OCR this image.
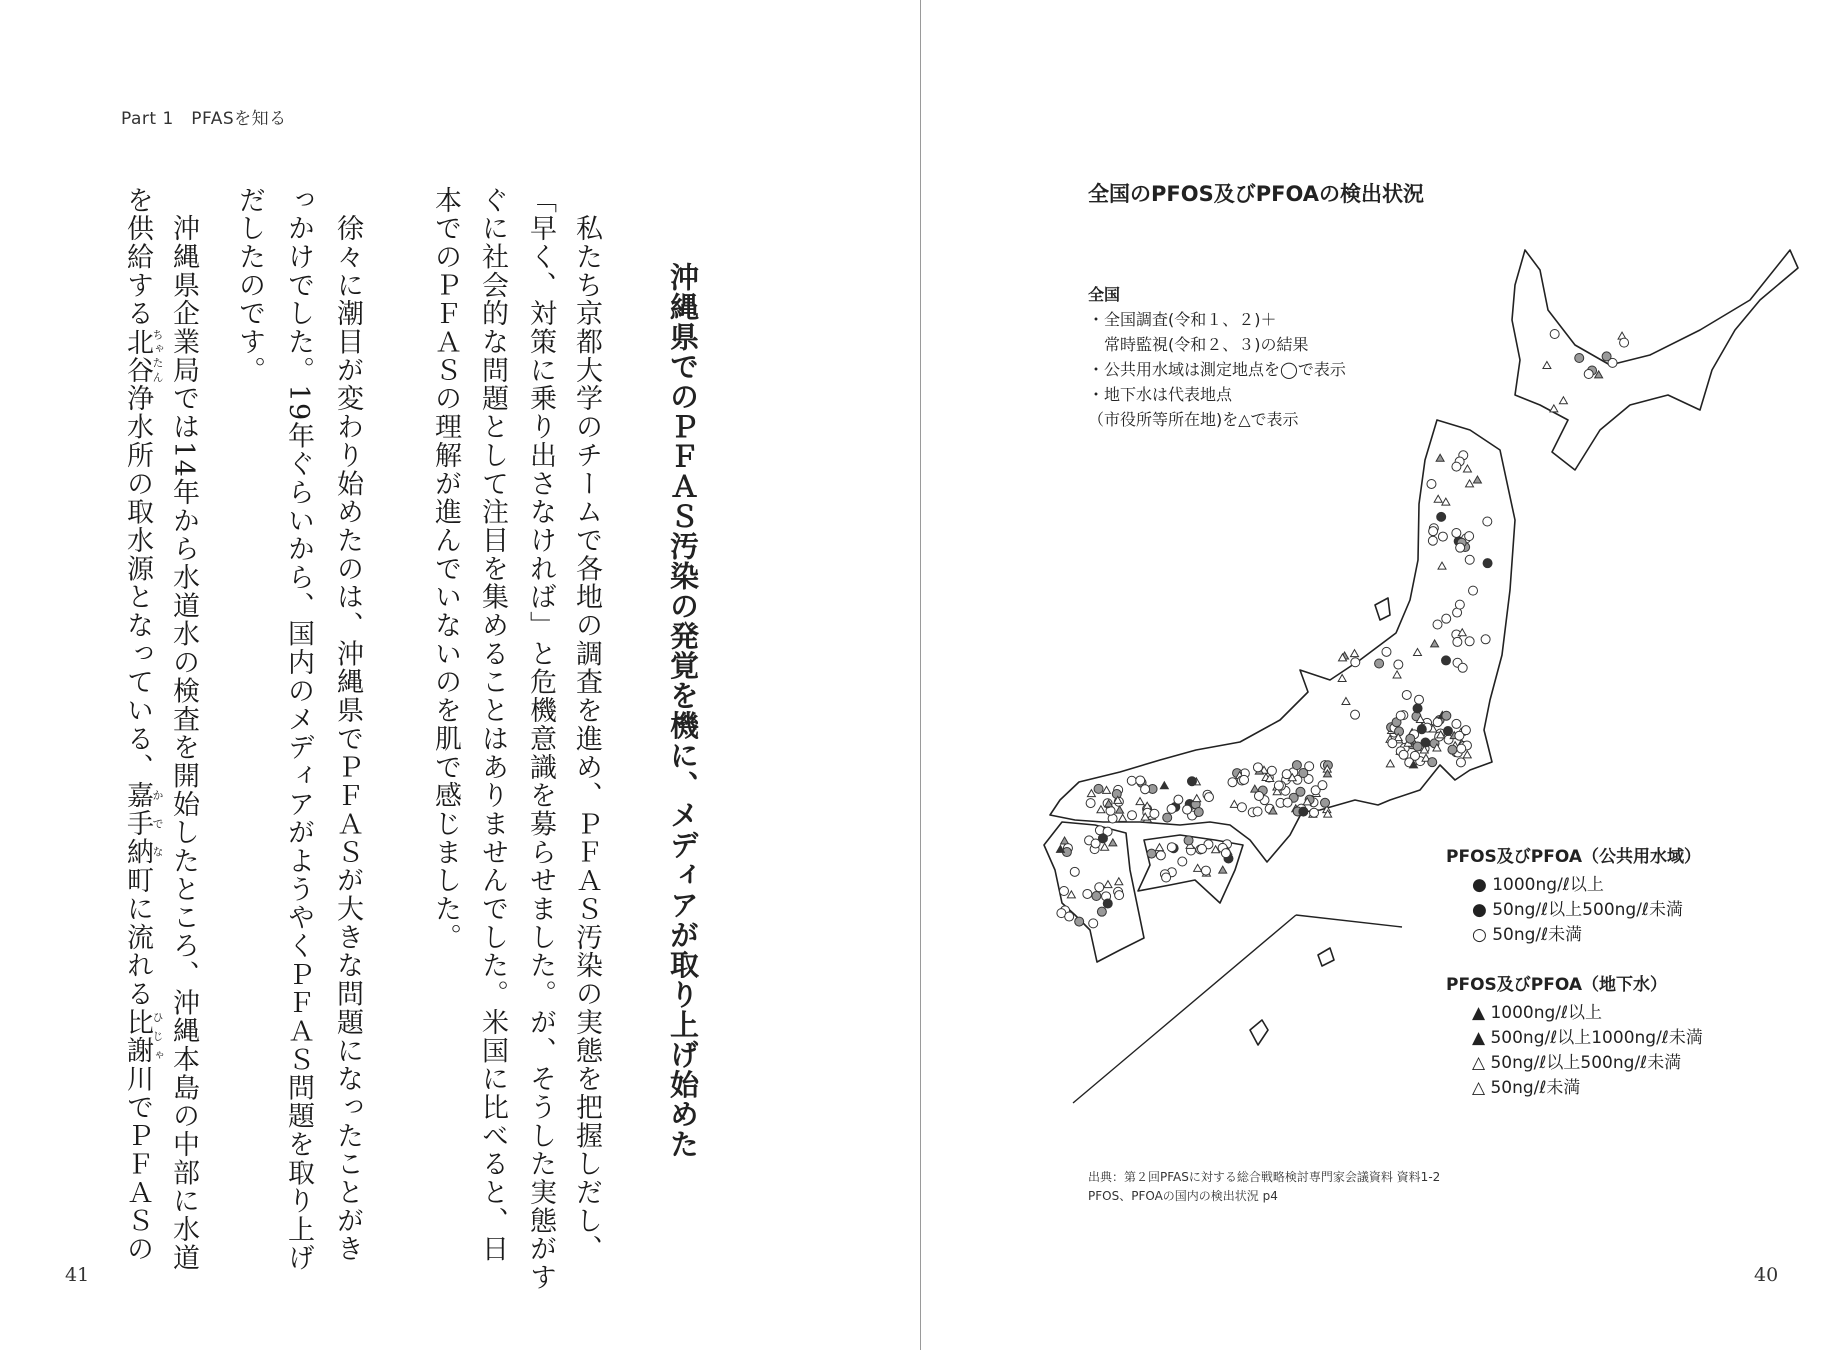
Part 1　PFASを知る
沖縄県でのＰＦＡＳ汚染の発覚を機に、メディアが取り上げ始めた
　私たち京都大学のチームで各地の調査を進め、ＰＦＡＳ汚染の実態を把握しだし、
「早く、対策に乗り出さなければ」と危機意識を募らせました。が、そうした実態がす
ぐに社会的な問題として注目を集めることはありませんでした。米国に比べると、日
本でのＰＦＡＳの理解が進んでいないのを肌で感じました。
　徐々に潮目が変わり始めたのは、沖縄県でＰＦＡＳが大きな問題になったことがき
っかけでした。19年ぐらいから、国内のメディアがようやくＰＦＡＳ問題を取り上げ
だしたのです。
　沖縄県企業局では14年から水道水の検査を開始したところ、沖縄本島の中部に水道
を供給する北谷ちゃたん浄水所の取水源となっている、嘉手納かでな町に流れる比謝ひじゃ川でＰＦＡＳの
41
全国のPFOS及びPFOAの検出状況
全国
・全国調査(令和１、２)＋
　常時監視(令和２、３)の結果
・公共用水域は測定地点を◯で表示
・地下水は代表地点
（市役所等所在地)を△で表示
PFOS及びPFOA（公共用水域）
● 1000ng/ℓ以上
● 50ng/ℓ以上500ng/ℓ未満
○ 50ng/ℓ未満
PFOS及びPFOA（地下水）
▲ 1000ng/ℓ以上
▲ 500ng/ℓ以上1000ng/ℓ未満
△ 50ng/ℓ以上500ng/ℓ未満
△ 50ng/ℓ未満
出典：第２回PFASに対する総合戦略検討専門家会議資料 資料1-2
PFOS、PFOAの国内の検出状況 p4
40
